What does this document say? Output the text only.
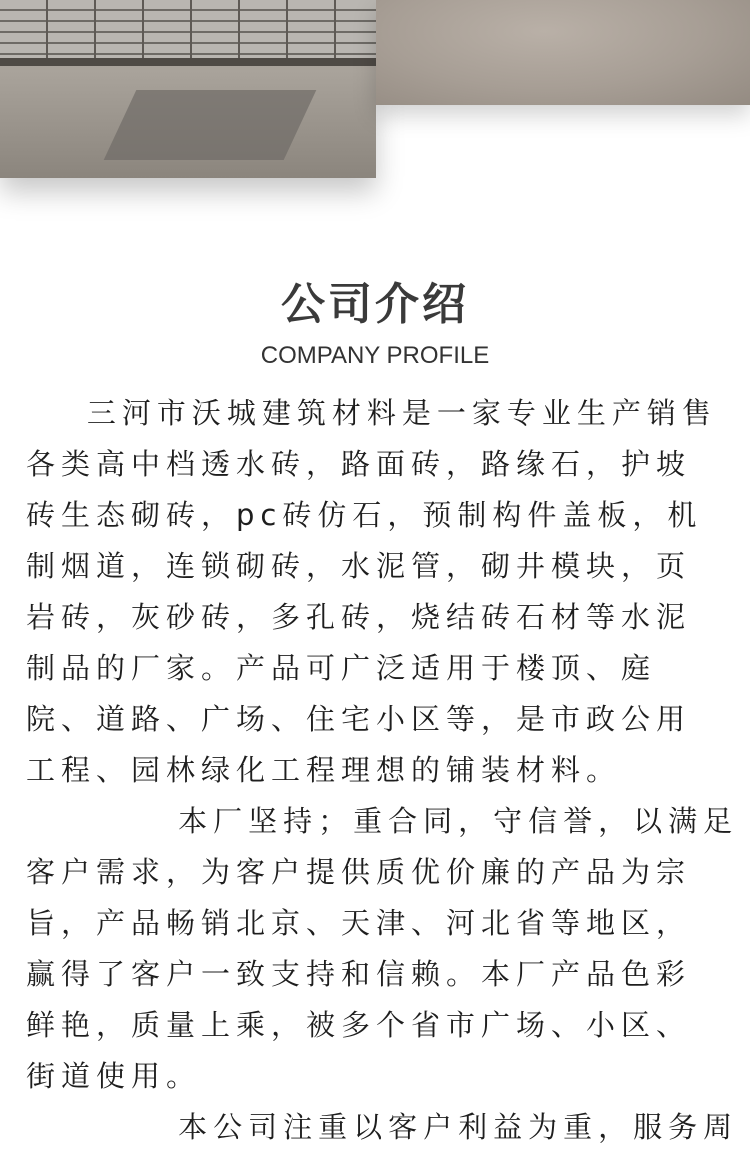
公司介绍
COMPANY PROFILE
三河市沃城建筑材料是一家专业生产销售
各类高中档透水砖，路面砖，路缘石，护坡
砖生态砌砖，pc砖仿石，预制构件盖板，机
制烟道，连锁砌砖，水泥管，砌井模块，页
岩砖，灰砂砖，多孔砖，烧结砖石材等水泥
制品的厂家。产品可广泛适用于楼顶、庭
院、道路、广场、住宅小区等，是市政公用
工程、园林绿化工程理想的铺装材料。
本厂坚持；重合同，守信誉，以满足
客户需求，为客户提供质优价廉的产品为宗
旨，产品畅销北京、天津、河北省等地区，
赢得了客户一致支持和信赖。本厂产品色彩
鲜艳，质量上乘，被多个省市广场、小区、
街道使用。
本公司注重以客户利益为重，服务周
